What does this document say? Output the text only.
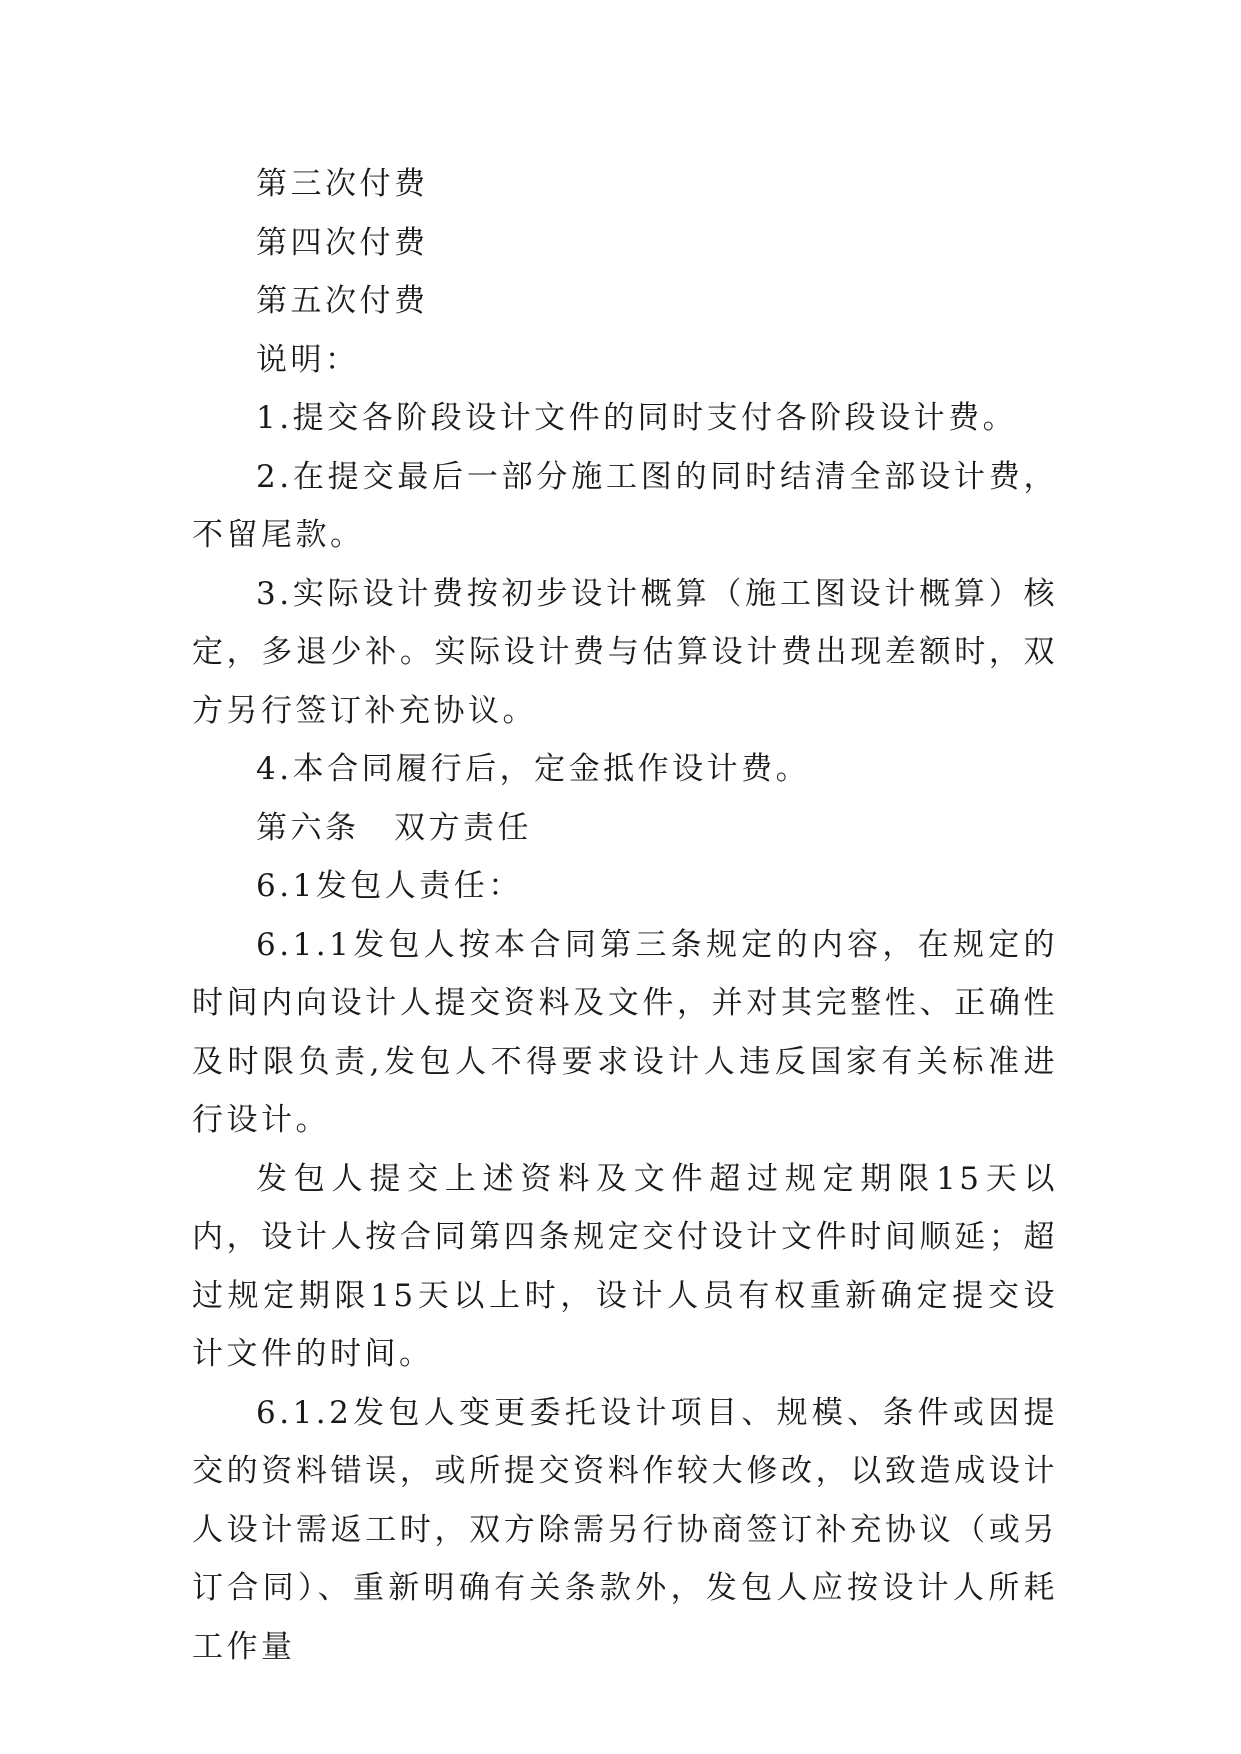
第三次付费

第四次付费

第五次付费

说明：

1.提交各阶段设计文件的同时支付各阶段设计费。

2.在提交最后一部分施工图的同时结清全部设计费，不留尾款。

3.实际设计费按初步设计概算（施工图设计概算）核定，多退少补。实际设计费与估算设计费出现差额时，双方另行签订补充协议。

4.本合同履行后，定金抵作设计费。

第六条　双方责任

6.1发包人责任：

6.1.1发包人按本合同第三条规定的内容，在规定的时间内向设计人提交资料及文件，并对其完整性、正确性及时限负责,发包人不得要求设计人违反国家有关标准进行设计。

发包人提交上述资料及文件超过规定期限15天以内，设计人按合同第四条规定交付设计文件时间顺延；超过规定期限15天以上时，设计人员有权重新确定提交设计文件的时间。

6.1.2发包人变更委托设计项目、规模、条件或因提交的资料错误，或所提交资料作较大修改，以致造成设计人设计需返工时，双方除需另行协商签订补充协议（或另订合同）、重新明确有关条款外，发包人应按设计人所耗工作量
